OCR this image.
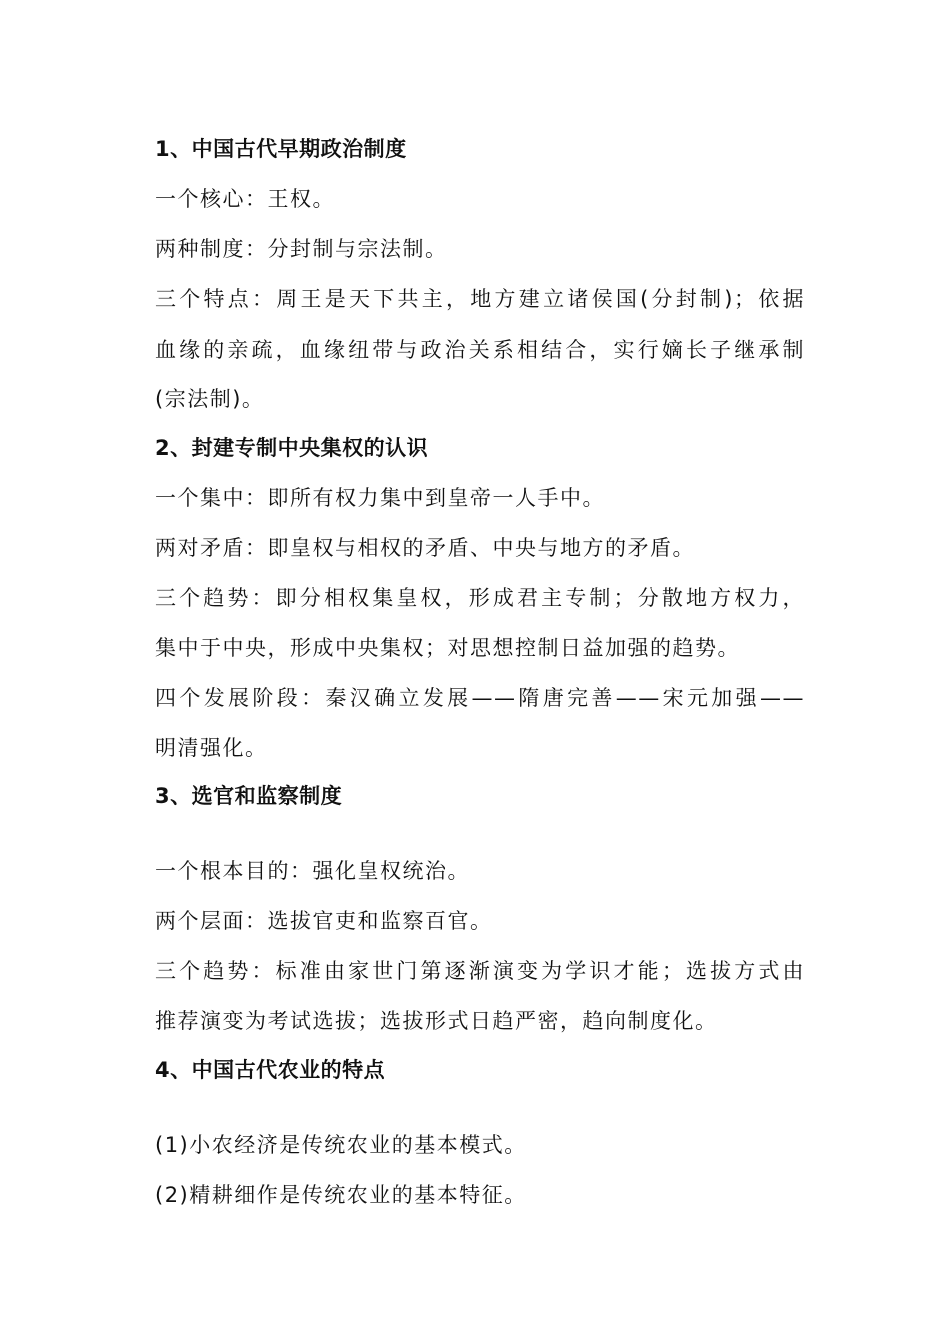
1、中国古代早期政治制度
一个核心：王权。
两种制度：分封制与宗法制。
三个特点：周王是天下共主，地方建立诸侯国(分封制)；依据
血缘的亲疏，血缘纽带与政治关系相结合，实行嫡长子继承制
(宗法制)。
2、封建专制中央集权的认识
一个集中：即所有权力集中到皇帝一人手中。
两对矛盾：即皇权与相权的矛盾、中央与地方的矛盾。
三个趋势：即分相权集皇权，形成君主专制；分散地方权力，
集中于中央，形成中央集权；对思想控制日益加强的趋势。
四个发展阶段：秦汉确立发展——隋唐完善——宋元加强——
明清强化。
3、选官和监察制度
一个根本目的：强化皇权统治。
两个层面：选拔官吏和监察百官。
三个趋势：标准由家世门第逐渐演变为学识才能；选拔方式由
推荐演变为考试选拔；选拔形式日趋严密，趋向制度化。
4、中国古代农业的特点
(1)小农经济是传统农业的基本模式。
(2)精耕细作是传统农业的基本特征。
